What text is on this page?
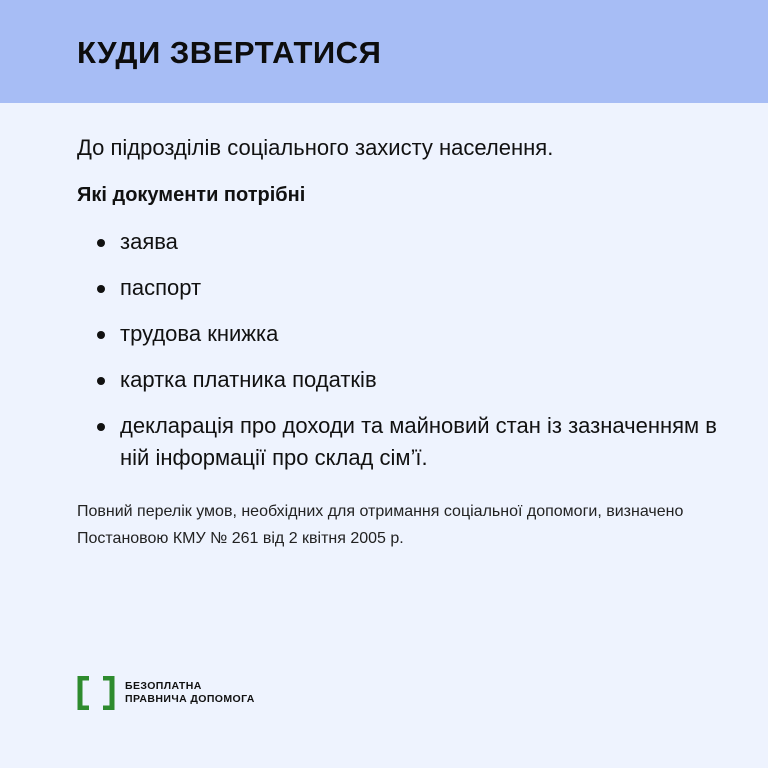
КУДИ ЗВЕРТАТИСЯ

До підрозділів соціального захисту населення.

Які документи потрібні
заява
паспорт
трудова книжка
картка платника податків
декларація про доходи та майновий стан із зазначенням в ній інформації про склад сім’ї.

Повний перелік умов, необхідних для отримання соціальної допомоги, визначено Постановою КМУ № 261 від 2 квітня 2005 р.

БЕЗОПЛАТНА
ПРАВНИЧА ДОПОМОГА
